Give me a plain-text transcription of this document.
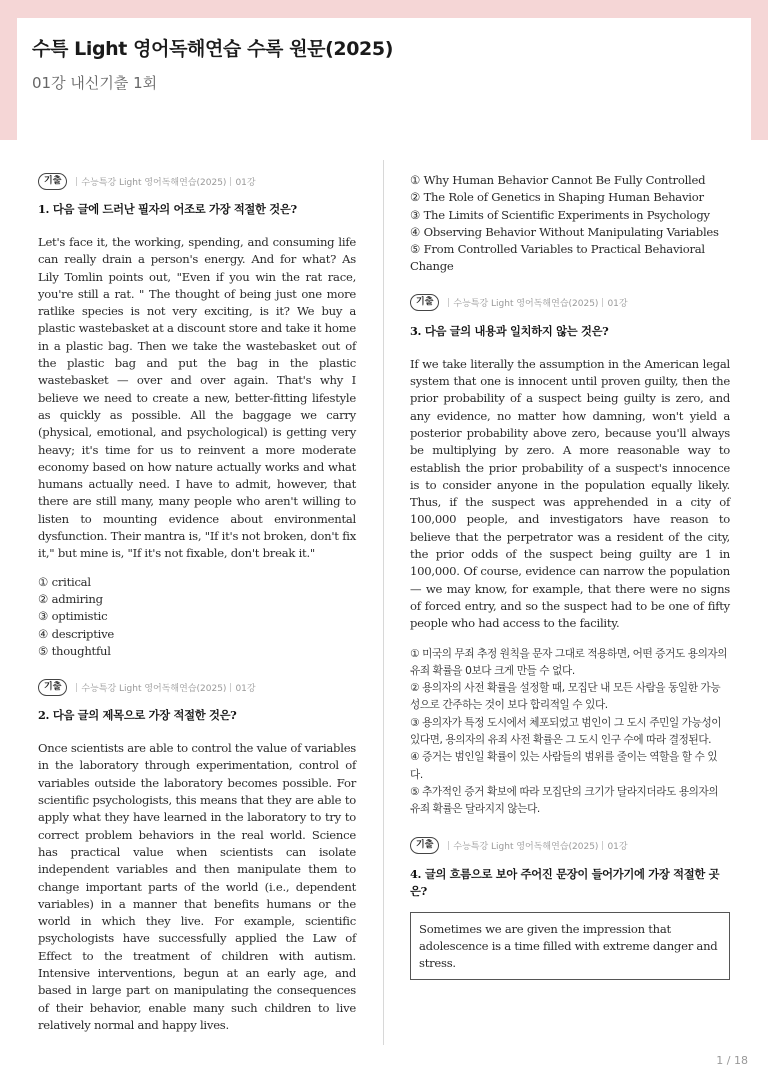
수특 Light 영어독해연습 수록 원문(2025)
01강 내신기출 1회
기출	수능특강 Light 영어독해연습(2025) 01강
1. 다음 글에 드러난 필자의 어조로 가장 적절한 것은?
Let's face it, the working, spending, and consuming life can really drain a person's energy. And for what? As Lily Tomlin points out, "Even if you win the rat race, you're still a rat. " The thought of being just one more ratlike species is not very exciting, is it? We buy a plastic wastebasket at a discount store and take it home in a plastic bag. Then we take the wastebasket out of the plastic bag and put the bag in the plastic wastebasket — over and over again. That's why I believe we need to create a new, better-fitting lifestyle as quickly as possible. All the baggage we carry (physical, emotional, and psychological) is getting very heavy; it's time for us to reinvent a more moderate economy based on how nature actually works and what humans actually need. I have to admit, however, that there are still many, many people who aren't willing to listen to mounting evidence about environmental dysfunction. Their mantra is, "If it's not broken, don't fix it," but mine is, "If it's not fixable, don't break it."
① critical
② admiring
③ optimistic
④ descriptive
⑤ thoughtful
기출	수능특강 Light 영어독해연습(2025) 01강
2. 다음 글의 제목으로 가장 적절한 것은?
Once scientists are able to control the value of variables in the laboratory through experimentation, control of variables outside the laboratory becomes possible. For scientific psychologists, this means that they are able to apply what they have learned in the laboratory to try to correct problem behaviors in the real world. Science has practical value when scientists can isolate independent variables and then manipulate them to change important parts of the world (i.e., dependent variables) in a manner that benefits humans or the world in which they live. For example, scientific psychologists have successfully applied the Law of Effect to the treatment of children with autism. Intensive interventions, begun at an early age, and based in large part on manipulating the consequences of their behavior, enable many such children to live relatively normal and happy lives.
① Why Human Behavior Cannot Be Fully Controlled
② The Role of Genetics in Shaping Human Behavior
③ The Limits of Scientific Experiments in Psychology
④ Observing Behavior Without Manipulating Variables
⑤ From Controlled Variables to Practical Behavioral Change
기출	수능특강 Light 영어독해연습(2025) 01강
3. 다음 글의 내용과 일치하지 않는 것은?
If we take literally the assumption in the American legal system that one is innocent until proven guilty, then the prior probability of a suspect being guilty is zero, and any evidence, no matter how damning, won't yield a posterior probability above zero, because you'll always be multiplying by zero. A more reasonable way to establish the prior probability of a suspect's innocence is to consider anyone in the population equally likely. Thus, if the suspect was apprehended in a city of 100,000 people, and investigators have reason to believe that the perpetrator was a resident of the city, the prior odds of the suspect being guilty are 1 in 100,000. Of course, evidence can narrow the population — we may know, for example, that there were no signs of forced entry, and so the suspect had to be one of fifty people who had access to the facility.
① 미국의 무죄 추정 원칙을 문자 그대로 적용하면, 어떤 증거도 용의자의 유죄 확률을 0보다 크게 만들 수 없다.
② 용의자의 사전 확률을 설정할 때, 모집단 내 모든 사람을 동일한 가능성으로 간주하는 것이 보다 합리적일 수 있다.
③ 용의자가 특정 도시에서 체포되었고 범인이 그 도시 주민일 가능성이 있다면, 용의자의 유죄 사전 확률은 그 도시 인구 수에 따라 결정된다.
④ 증거는 범인일 확률이 있는 사람들의 범위를 줄이는 역할을 할 수 있다.
⑤ 추가적인 증거 확보에 따라 모집단의 크기가 달라지더라도 용의자의 유죄 확률은 달라지지 않는다.
기출	수능특강 Light 영어독해연습(2025) 01강
4. 글의 흐름으로 보아 주어진 문장이 들어가기에 가장 적절한 곳은?
Sometimes we are given the impression that adolescence is a time filled with extreme danger and stress.
1 / 18
